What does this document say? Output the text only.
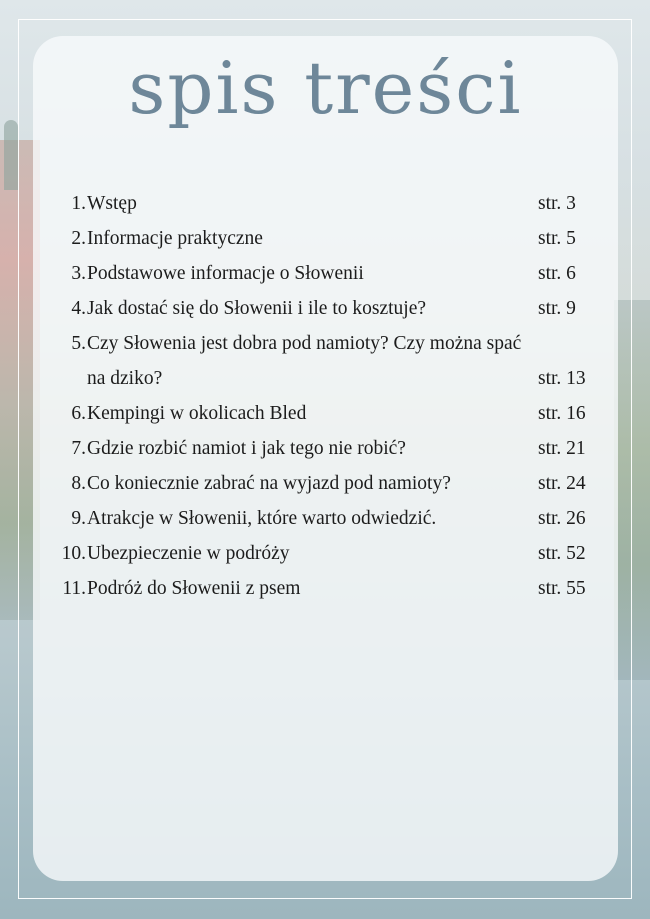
spis treści
1. Wstęp	str. 3
2. Informacje praktyczne	str. 5
3. Podstawowe informacje o Słowenii	str. 6
4. Jak dostać się do Słowenii i ile to kosztuje?	str. 9
5. Czy Słowenia jest dobra pod namioty? Czy można spać na dziko?	str. 13
6. Kempingi w okolicach Bled	str. 16
7. Gdzie rozbić namiot i jak tego nie robić?	str. 21
8. Co koniecznie zabrać na wyjazd pod namioty?	str. 24
9. Atrakcje w Słowenii, które warto odwiedzić.	str. 26
10. Ubezpieczenie w podróży	str. 52
11. Podróż do Słowenii z psem	str. 55
